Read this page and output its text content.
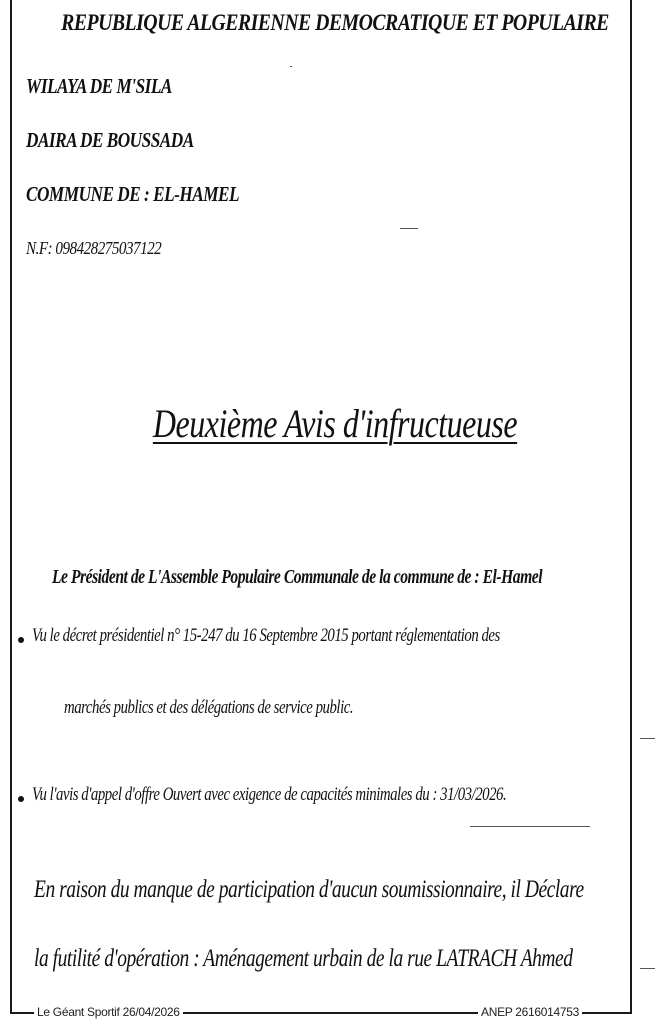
REPUBLIQUE ALGERIENNE DEMOCRATIQUE ET POPULAIRE
WILAYA DE M'SILA
DAIRA DE BOUSSADA
COMMUNE DE : EL-HAMEL
N.F: 098428275037122
Deuxième Avis d'infructueuse
Le Président de L'Assemble Populaire Communale de la commune de : El-Hamel
Vu le décret présidentiel n° 15-247 du 16 Septembre 2015 portant réglementation des
marchés publics et des délégations de service public.
Vu l'avis d'appel d'offre Ouvert avec exigence de capacités minimales du : 31/03/2026.
En raison du manque de participation d'aucun soumissionnaire, il Déclare
la futilité d'opération : Aménagement urbain de la rue LATRACH Ahmed
Le Géant Sportif 26/04/2026	ANEP 2616014753
